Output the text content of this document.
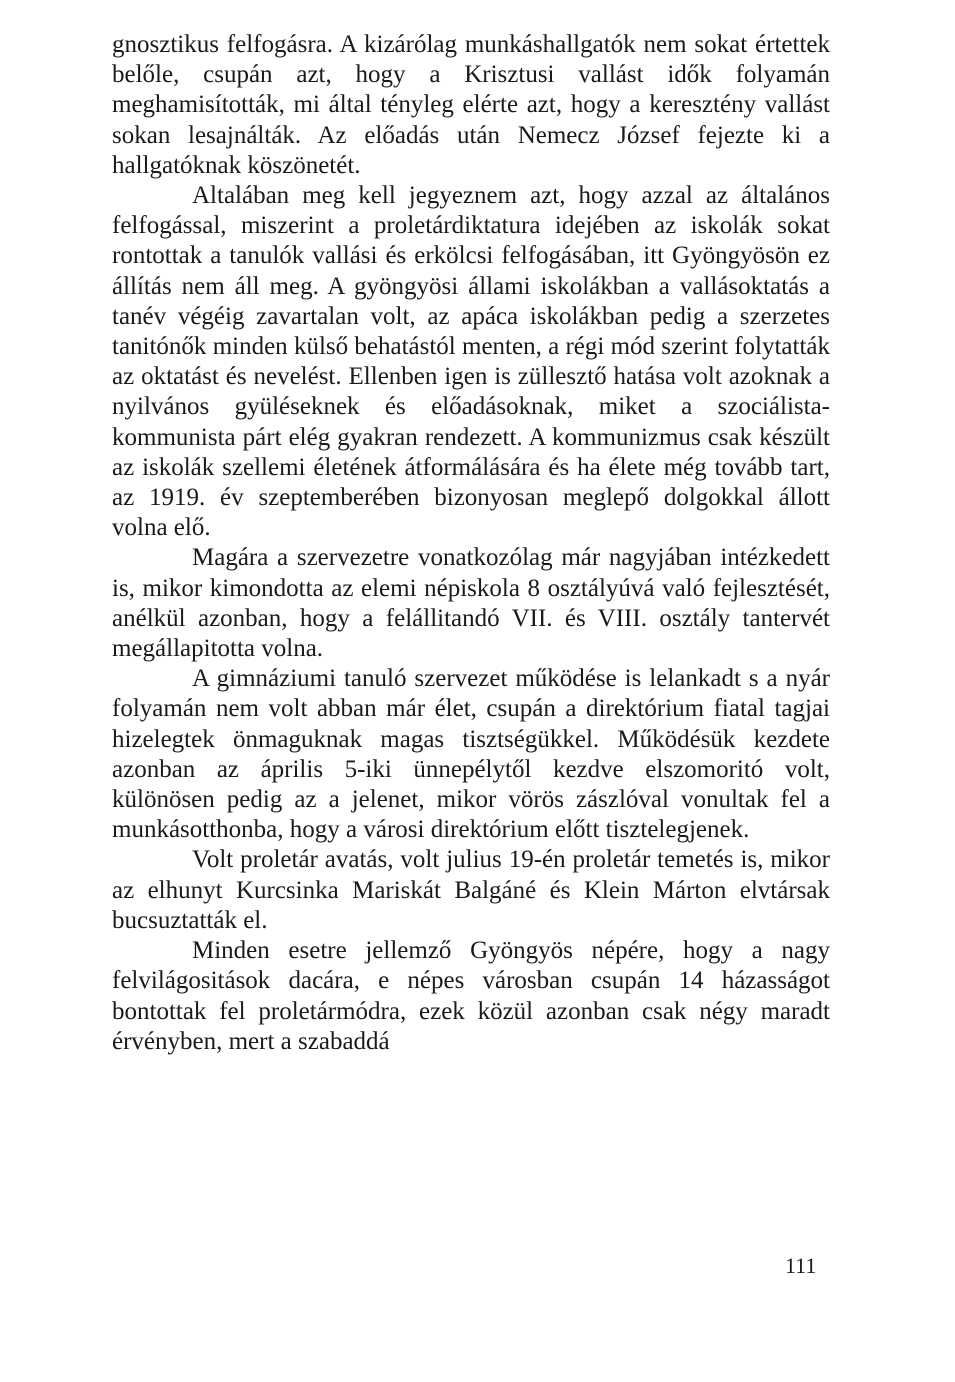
gnosztikus felfogásra. A kizárólag munkáshallgatók nem sokat értettek belőle, csupán azt, hogy a Krisztusi vallást idők folyamán meghamisították, mi által tényleg elérte azt, hogy a keresztény vallást sokan lesajnálták. Az előadás után Nemecz József fejezte ki a hallgatóknak köszönetét.

Altalában meg kell jegyeznem azt, hogy azzal az általános felfogással, miszerint a proletárdiktatura idejében az iskolák sokat rontottak a tanulók vallási és erkölcsi felfogásában, itt Gyöngyösön ez állítás nem áll meg. A gyöngyösi állami iskolákban a vallásoktatás a tanév végéig zavartalan volt, az apáca iskolákban pedig a szerzetes tanitónők minden külső behatástól menten, a régi mód szerint folytatták az oktatást és nevelést. Ellenben igen is züllesztő hatása volt azoknak a nyilvános gyüléseknek és előadásoknak, miket a szociálista-kommunista párt elég gyakran rendezett. A kommunizmus csak készült az iskolák szellemi életének átformálására és ha élete még tovább tart, az 1919. év szeptemberében bizonyosan meglepő dolgokkal állott volna elő.

Magára a szervezetre vonatkozólag már nagyjában intézkedett is, mikor kimondotta az elemi népiskola 8 osztályúvá való fejlesztését, anélkül azonban, hogy a felállitandó VII. és VIII. osztály tantervét megállapitotta volna.

A gimnáziumi tanuló szervezet működése is lelankadt s a nyár folyamán nem volt abban már élet, csupán a direktórium fiatal tagjai hizelegtek önmaguknak magas tisztségükkel. Működésük kezdete azonban az április 5-iki ünnepélytől kezdve elszomoritó volt, különösen pedig az a jelenet, mikor vörös zászlóval vonultak fel a munkásotthonba, hogy a városi direktórium előtt tisztelegjenek.

Volt proletár avatás, volt julius 19-én proletár temetés is, mikor az elhunyt Kurcsinka Mariskát Balgáné és Klein Márton elvtársak bucsuztatták el.

Minden esetre jellemző Gyöngyös népére, hogy a nagy felvilágositások dacára, e népes városban csupán 14 házasságot bontottak fel proletármódra, ezek közül azonban csak négy maradt érvényben, mert a szabaddá

111
